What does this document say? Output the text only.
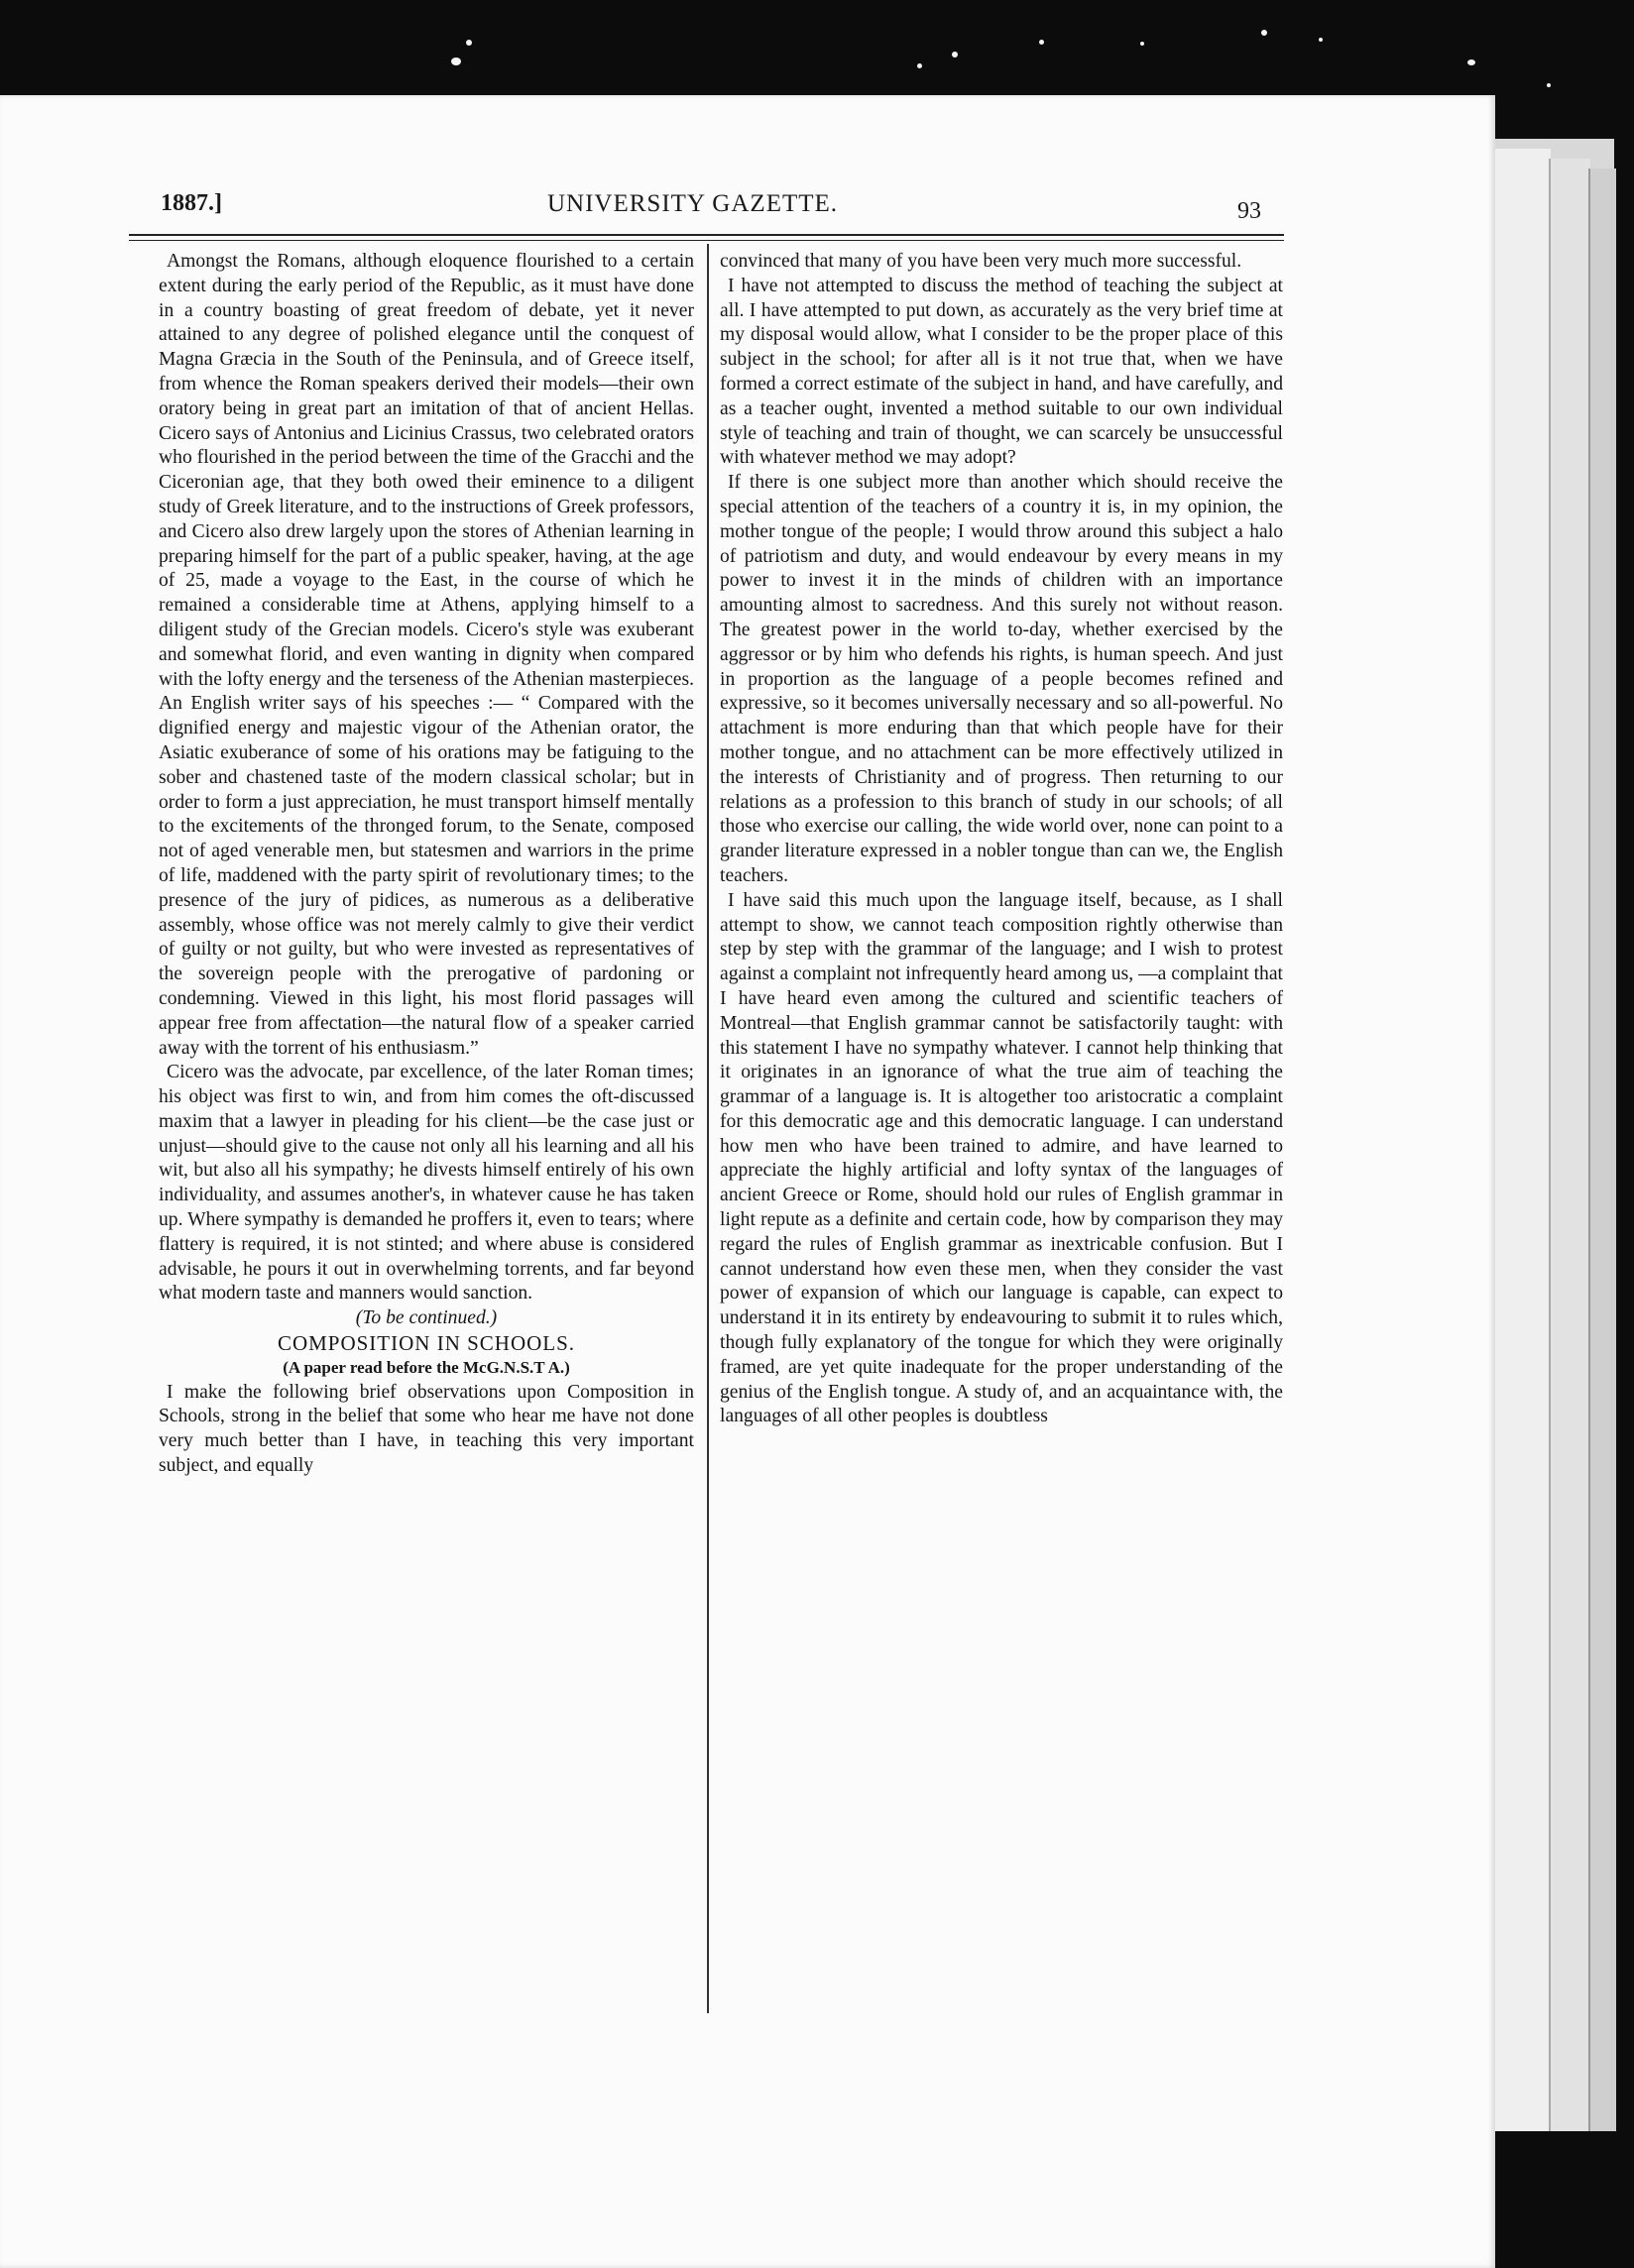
1887.]	UNIVERSITY GAZETTE.	93

Amongst the Romans, although eloquence flourished to a certain extent during the early period of the Republic, as it must have done in a country boasting of great freedom of debate, yet it never attained to any degree of polished elegance until the conquest of Magna Græcia in the South of the Peninsula, and of Greece itself, from whence the Roman speakers derived their models—their own oratory being in great part an imitation of that of ancient Hellas. Cicero says of Antonius and Licinius Crassus, two celebrated orators who flourished in the period between the time of the Gracchi and the Ciceronian age, that they both owed their eminence to a diligent study of Greek literature, and to the instructions of Greek professors, and Cicero also drew largely upon the stores of Athenian learning in preparing himself for the part of a public speaker, having, at the age of 25, made a voyage to the East, in the course of which he remained a considerable time at Athens, applying himself to a diligent study of the Grecian models. Cicero's style was exuberant and somewhat florid, and even wanting in dignity when compared with the lofty energy and the terseness of the Athenian masterpieces. An English writer says of his speeches :— “ Compared with the dignified energy and majestic vigour of the Athenian orator, the Asiatic exuberance of some of his orations may be fatiguing to the sober and chastened taste of the modern classical scholar; but in order to form a just appreciation, he must transport himself mentally to the excitements of the thronged forum, to the Senate, composed not of aged venerable men, but statesmen and warriors in the prime of life, maddened with the party spirit of revolutionary times; to the presence of the jury of pidices, as numerous as a deliberative assembly, whose office was not merely calmly to give their verdict of guilty or not guilty, but who were invested as representatives of the sovereign people with the prerogative of pardoning or condemning. Viewed in this light, his most florid passages will appear free from affectation—the natural flow of a speaker carried away with the torrent of his enthusiasm.”

Cicero was the advocate, par excellence, of the later Roman times; his object was first to win, and from him comes the oft-discussed maxim that a lawyer in pleading for his client—be the case just or unjust—should give to the cause not only all his learning and all his wit, but also all his sympathy; he divests himself entirely of his own individuality, and assumes another's, in whatever cause he has taken up. Where sympathy is demanded he proffers it, even to tears; where flattery is required, it is not stinted; and where abuse is considered advisable, he pours it out in overwhelming torrents, and far beyond what modern taste and manners would sanction.

(To be continued.)

COMPOSITION IN SCHOOLS.

(A paper read before the McG.N.S.T A.)

I make the following brief observations upon Composition in Schools, strong in the belief that some who hear me have not done very much better than I have, in teaching this very important subject, and equally

convinced that many of you have been very much more successful.

I have not attempted to discuss the method of teaching the subject at all. I have attempted to put down, as accurately as the very brief time at my disposal would allow, what I consider to be the proper place of this subject in the school; for after all is it not true that, when we have formed a correct estimate of the subject in hand, and have carefully, and as a teacher ought, invented a method suitable to our own individual style of teaching and train of thought, we can scarcely be unsuccessful with whatever method we may adopt?

If there is one subject more than another which should receive the special attention of the teachers of a country it is, in my opinion, the mother tongue of the people; I would throw around this subject a halo of patriotism and duty, and would endeavour by every means in my power to invest it in the minds of children with an importance amounting almost to sacredness. And this surely not without reason. The greatest power in the world to-day, whether exercised by the aggressor or by him who defends his rights, is human speech. And just in proportion as the language of a people becomes refined and expressive, so it becomes universally necessary and so all-powerful. No attachment is more enduring than that which people have for their mother tongue, and no attachment can be more effectively utilized in the interests of Christianity and of progress. Then returning to our relations as a profession to this branch of study in our schools; of all those who exercise our calling, the wide world over, none can point to a grander literature expressed in a nobler tongue than can we, the English teachers.

I have said this much upon the language itself, because, as I shall attempt to show, we cannot teach composition rightly otherwise than step by step with the grammar of the language; and I wish to protest against a complaint not infrequently heard among us, —a complaint that I have heard even among the cultured and scientific teachers of Montreal—that English grammar cannot be satisfactorily taught: with this statement I have no sympathy whatever. I cannot help thinking that it originates in an ignorance of what the true aim of teaching the grammar of a language is. It is altogether too aristocratic a complaint for this democratic age and this democratic language. I can understand how men who have been trained to admire, and have learned to appreciate the highly artificial and lofty syntax of the languages of ancient Greece or Rome, should hold our rules of English grammar in light repute as a definite and certain code, how by comparison they may regard the rules of English grammar as inextricable confusion. But I cannot understand how even these men, when they consider the vast power of expansion of which our language is capable, can expect to understand it in its entirety by endeavouring to submit it to rules which, though fully explanatory of the tongue for which they were originally framed, are yet quite inadequate for the proper understanding of the genius of the English tongue. A study of, and an acquaintance with, the languages of all other peoples is doubtless
